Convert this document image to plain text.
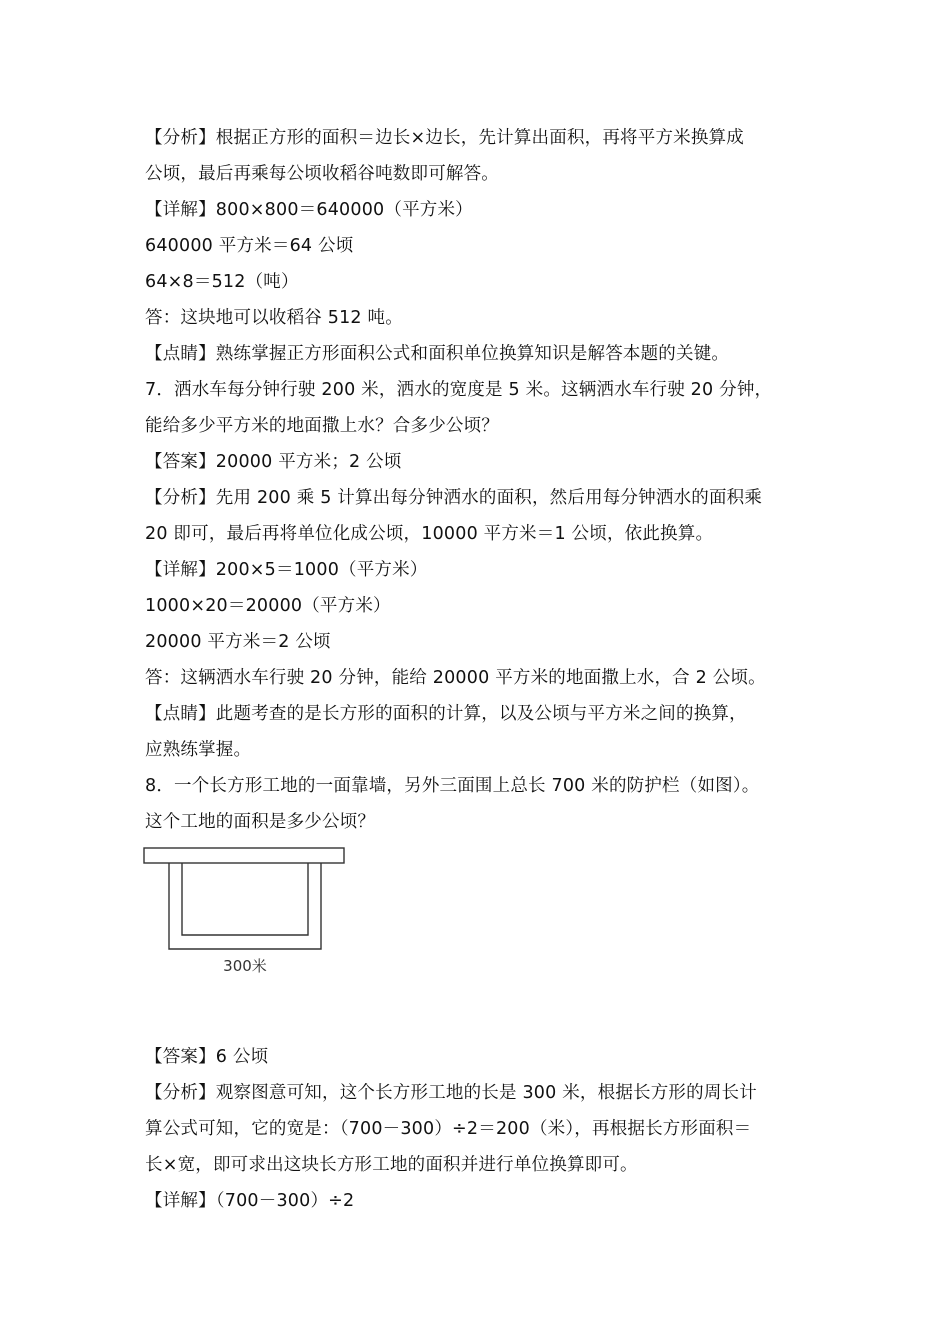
【分析】根据正方形的面积＝边长×边长，先计算出面积，再将平方米换算成
公顷，最后再乘每公顷收稻谷吨数即可解答。
【详解】800×800＝640000（平方米）
640000 平方米＝64 公顷
64×8＝512（吨）
答：这块地可以收稻谷 512 吨。
【点睛】熟练掌握正方形面积公式和面积单位换算知识是解答本题的关键。
7．洒水车每分钟行驶 200 米，洒水的宽度是 5 米。这辆洒水车行驶 20 分钟，
能给多少平方米的地面撒上水？合多少公顷？
【答案】20000 平方米；2 公顷
【分析】先用 200 乘 5 计算出每分钟洒水的面积，然后用每分钟洒水的面积乘
20 即可，最后再将单位化成公顷，10000 平方米＝1 公顷，依此换算。
【详解】200×5＝1000（平方米）
1000×20＝20000（平方米）
20000 平方米＝2 公顷
答：这辆洒水车行驶 20 分钟，能给 20000 平方米的地面撒上水，合 2 公顷。
【点睛】此题考查的是长方形的面积的计算，以及公顷与平方米之间的换算，
应熟练掌握。
8．一个长方形工地的一面靠墙，另外三面围上总长 700 米的防护栏（如图）。
这个工地的面积是多少公顷？
300米
【答案】6 公顷
【分析】观察图意可知，这个长方形工地的长是 300 米，根据长方形的周长计
算公式可知，它的宽是：（700－300）÷2＝200（米），再根据长方形面积＝
长×宽，即可求出这块长方形工地的面积并进行单位换算即可。
【详解】（700－300）÷2
